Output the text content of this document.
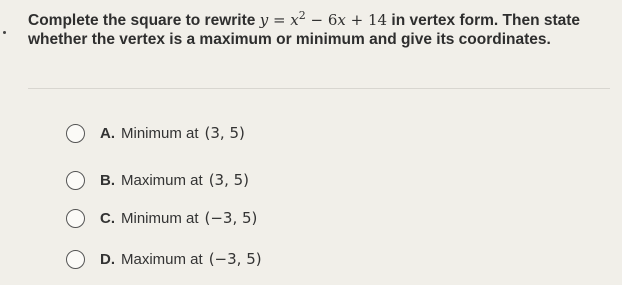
Complete the square to rewrite $y = x^2 - 6x + 14$ in vertex form. Then state
whether the vertex is a maximum or minimum and give its coordinates.
A. Minimum at (3, 5)
B. Maximum at (3, 5)
C. Minimum at (−3, 5)
D. Maximum at (−3, 5)
